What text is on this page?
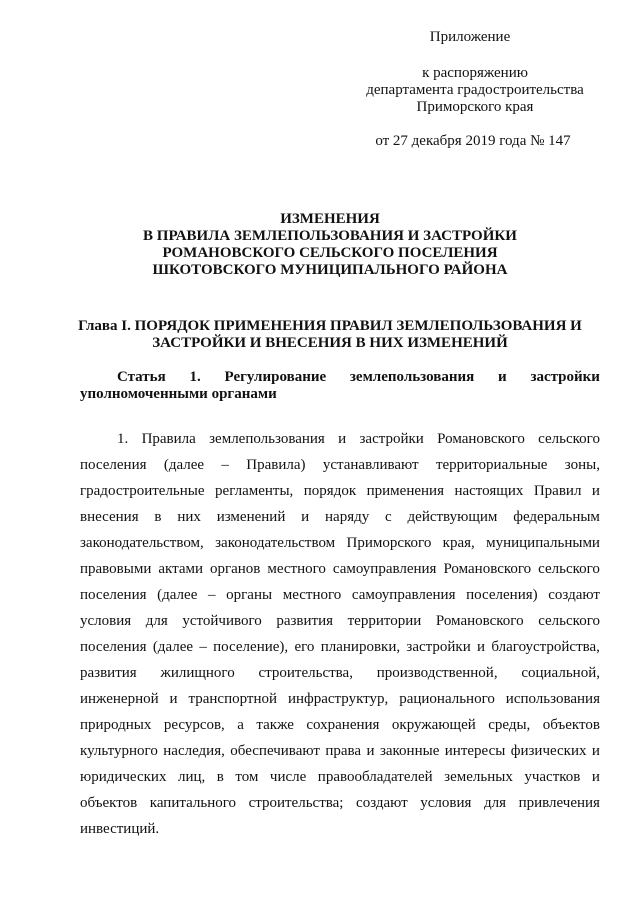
Приложение
к распоряжению
департамента градостроительства
Приморского края
от 27 декабря 2019 года № 147
ИЗМЕНЕНИЯ
В ПРАВИЛА ЗЕМЛЕПОЛЬЗОВАНИЯ И ЗАСТРОЙКИ
РОМАНОВСКОГО СЕЛЬСКОГО ПОСЕЛЕНИЯ
ШКОТОВСКОГО МУНИЦИПАЛЬНОГО РАЙОНА
Глава I. ПОРЯДОК ПРИМЕНЕНИЯ ПРАВИЛ ЗЕМЛЕПОЛЬЗОВАНИЯ И
ЗАСТРОЙКИ И ВНЕСЕНИЯ В НИХ ИЗМЕНЕНИЙ
Статья 1. Регулирование землепользования и застройки
уполномоченными органами
1. Правила землепользования и застройки Романовского сельского
поселения (далее – Правила) устанавливают территориальные зоны,
градостроительные регламенты, порядок применения настоящих Правил и
внесения в них изменений и наряду с действующим федеральным
законодательством, законодательством Приморского края, муниципальными
правовыми актами органов местного самоуправления Романовского сельского
поселения (далее – органы местного самоуправления поселения) создают
условия для устойчивого развития территории Романовского сельского
поселения (далее – поселение), его планировки, застройки и благоустройства,
развития жилищного строительства, производственной, социальной,
инженерной и транспортной инфраструктур, рационального использования
природных ресурсов, а также сохранения окружающей среды, объектов
культурного наследия, обеспечивают права и законные интересы физических и
юридических лиц, в том числе правообладателей земельных участков и
объектов капитального строительства; создают условия для привлечения
инвестиций.
